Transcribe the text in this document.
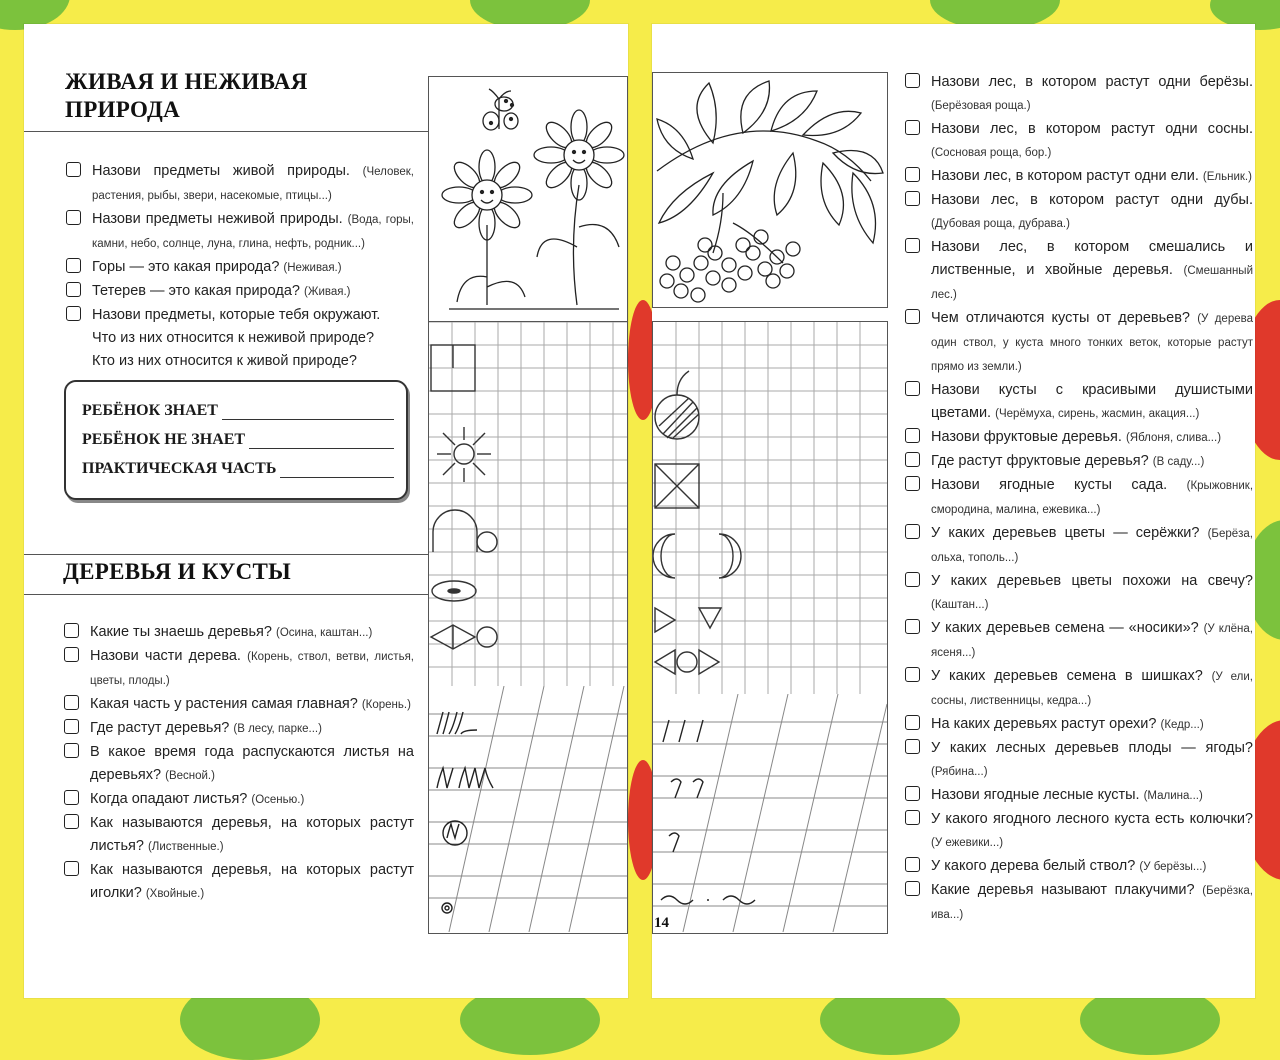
ЖИВАЯ И НЕЖИВАЯ
ПРИРОДА
Назови предметы живой природы. (Человек, растения, рыбы, звери, насекомые, птицы...)
Назови предметы неживой природы. (Вода, горы, камни, небо, солнце, луна, глина, нефть, родник...)
Горы — это какая природа? (Неживая.)
Тетерев — это какая природа? (Живая.)
Назови предметы, которые тебя окружают.
Что из них относится к неживой природе?
Кто из них относится к живой природе?
РЕБЁНОК ЗНАЕТ
РЕБЁНОК НЕ ЗНАЕТ
ПРАКТИЧЕСКАЯ ЧАСТЬ
ДЕРЕВЬЯ И КУСТЫ
Какие ты знаешь деревья? (Осина, каштан...)
Назови части дерева. (Корень, ствол, ветви, листья, цветы, плоды.)
Какая часть у растения самая главная? (Корень.)
Где растут деревья? (В лесу, парке...)
В какое время года распускаются листья на деревьях? (Весной.)
Когда опадают листья? (Осенью.)
Как называются деревья, на которых растут листья? (Лиственные.)
Как называются деревья, на которых растут иголки? (Хвойные.)
Назови лес, в котором растут одни берёзы. (Берёзовая роща.)
Назови лес, в котором растут одни сосны. (Сосновая роща, бор.)
Назови лес, в котором растут одни ели. (Ельник.)
Назови лес, в котором растут одни дубы. (Дубовая роща, дубрава.)
Назови лес, в котором смешались и лиственные, и хвойные деревья. (Смешанный лес.)
Чем отличаются кусты от деревьев? (У дерева один ствол, у куста много тонких веток, которые растут прямо из земли.)
Назови кусты с красивыми душистыми цветами. (Черёмуха, сирень, жасмин, акация...)
Назови фруктовые деревья. (Яблоня, слива...)
Где растут фруктовые деревья? (В саду...)
Назови ягодные кусты сада. (Крыжовник, смородина, малина, ежевика...)
У каких деревьев цветы — серёжки? (Берёза, ольха, тополь...)
У каких деревьев цветы похожи на свечу? (Каштан...)
У каких деревьев семена — «носики»? (У клёна, ясеня...)
У каких деревьев семена в шишках? (У ели, сосны, лиственницы, кедра...)
На каких деревьях растут орехи? (Кедр...)
У каких лесных деревьев плоды — ягоды? (Рябина...)
Назови ягодные лесные кусты. (Малина...)
У какого ягодного лесного куста есть колючки? (У ежевики...)
У какого дерева белый ствол? (У берёзы...)
Какие деревья называют плакучими? (Берёзка, ива...)
14
